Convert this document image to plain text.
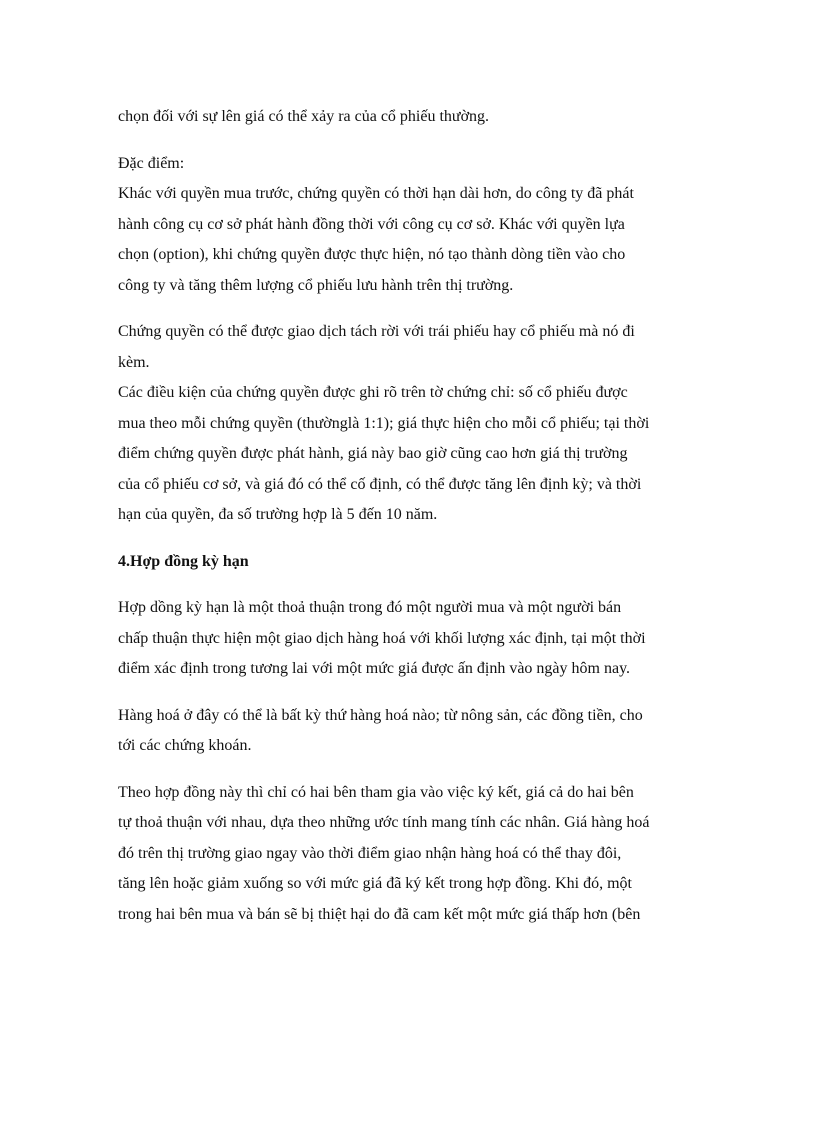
chọn đối với sự lên giá có thể xảy ra của cổ phiếu thường.
Đặc điểm:
Khác với quyền mua trước, chứng quyền có thời hạn dài hơn, do công ty đã phát
hành công cụ cơ sở phát hành đồng thời với công cụ cơ sở. Khác với quyền lựa
chọn (option), khi chứng quyền được thực hiện, nó tạo thành dòng tiền vào cho
công ty và tăng thêm lượng cổ phiếu lưu hành trên thị trường.
Chứng quyền có thể được giao dịch tách rời với trái phiếu hay cổ phiếu mà nó đi
kèm.
Các điều kiện của chứng quyền được ghi rõ trên tờ chứng chỉ: số cổ phiếu được
mua theo mỗi chứng quyền (thườnglà 1:1); giá thực hiện cho mỗi cổ phiếu; tại thời
điểm chứng quyền được phát hành, giá này bao giờ cũng cao hơn giá thị trường
của cổ phiếu cơ sở, và giá đó có thể cố định, có thể được tăng lên định kỳ; và thời
hạn của quyền, đa số trường hợp là 5 đến 10 năm.
4.Hợp đồng kỳ hạn
Hợp dồng kỳ hạn là một thoả thuận trong đó một người mua và một người bán
chấp thuận thực hiện một giao dịch hàng hoá với khối lượng xác định, tại một thời
điểm xác định trong tương lai với một mức giá được ấn định vào ngày hôm nay.
Hàng hoá ở đây có thể là bất kỳ thứ hàng hoá nào; từ nông sản, các đồng tiền, cho
tới các chứng khoán.
Theo hợp đồng này thì chỉ có hai bên tham gia vào việc ký kết, giá cả do hai bên
tự thoả thuận với nhau, dựa theo những ước tính mang tính các nhân. Giá hàng hoá
đó trên thị trường giao ngay vào thời điểm giao nhận hàng hoá có thể thay đôi,
tăng lên hoặc giảm xuống so với mức giá đã ký kết trong hợp đồng. Khi đó, một
trong hai bên mua và bán sẽ bị thiệt hại do đã cam kết một mức giá thấp hơn (bên
